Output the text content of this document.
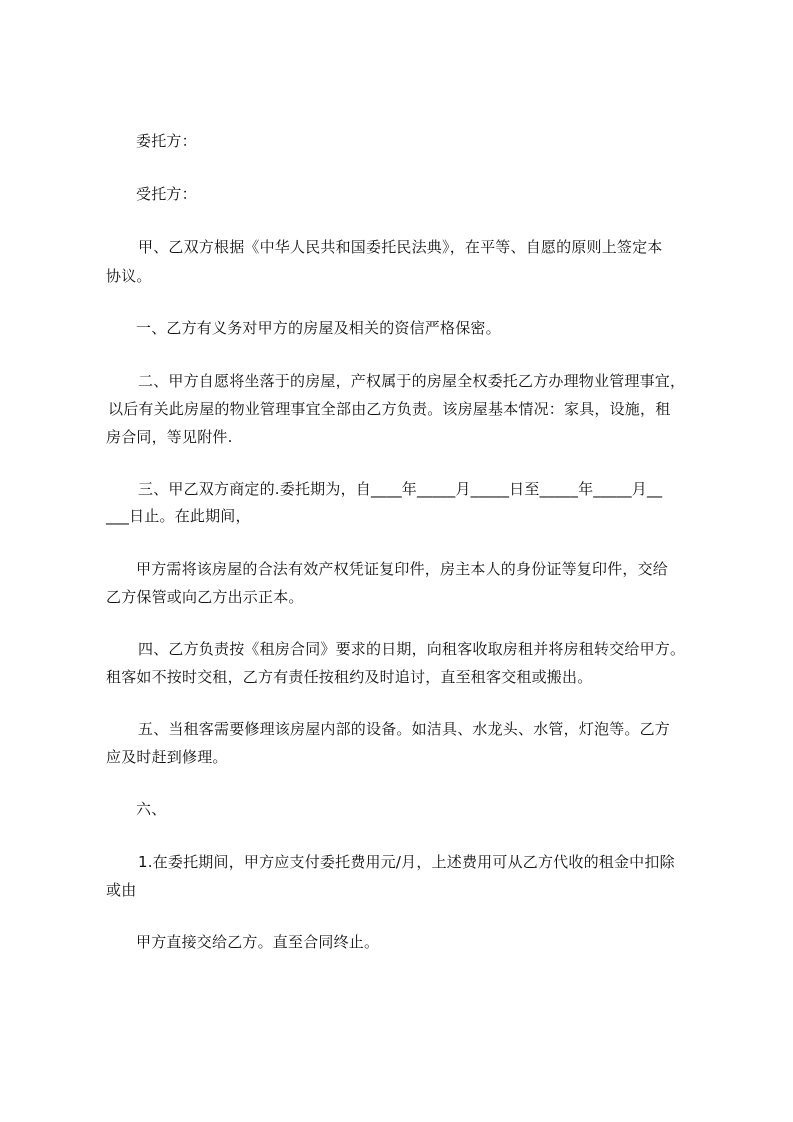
委托方：
受托方：
甲、乙双方根据《中华人民共和国委托民法典》，在平等、自愿的原则上签定本
协议。
一、乙方有义务对甲方的房屋及相关的资信严格保密。
二、甲方自愿将坐落于的房屋，产权属于的房屋全权委托乙方办理物业管理事宜，
以后有关此房屋的物业管理事宜全部由乙方负责。该房屋基本情况：家具，设施，租
房合同，等见附件.
三、甲乙双方商定的.委托期为，自____年_____月_____日至_____年_____月__
___日止。在此期间，
甲方需将该房屋的合法有效产权凭证复印件，房主本人的身份证等复印件，交给
乙方保管或向乙方出示正本。
四、乙方负责按《租房合同》要求的日期，向租客收取房租并将房租转交给甲方。
租客如不按时交租，乙方有责任按租约及时追讨，直至租客交租或搬出。
五、当租客需要修理该房屋内部的设备。如洁具、水龙头、水管，灯泡等。乙方
应及时赶到修理。
六、
1.在委托期间，甲方应支付委托费用元/月，上述费用可从乙方代收的租金中扣除
或由
甲方直接交给乙方。直至合同终止。
